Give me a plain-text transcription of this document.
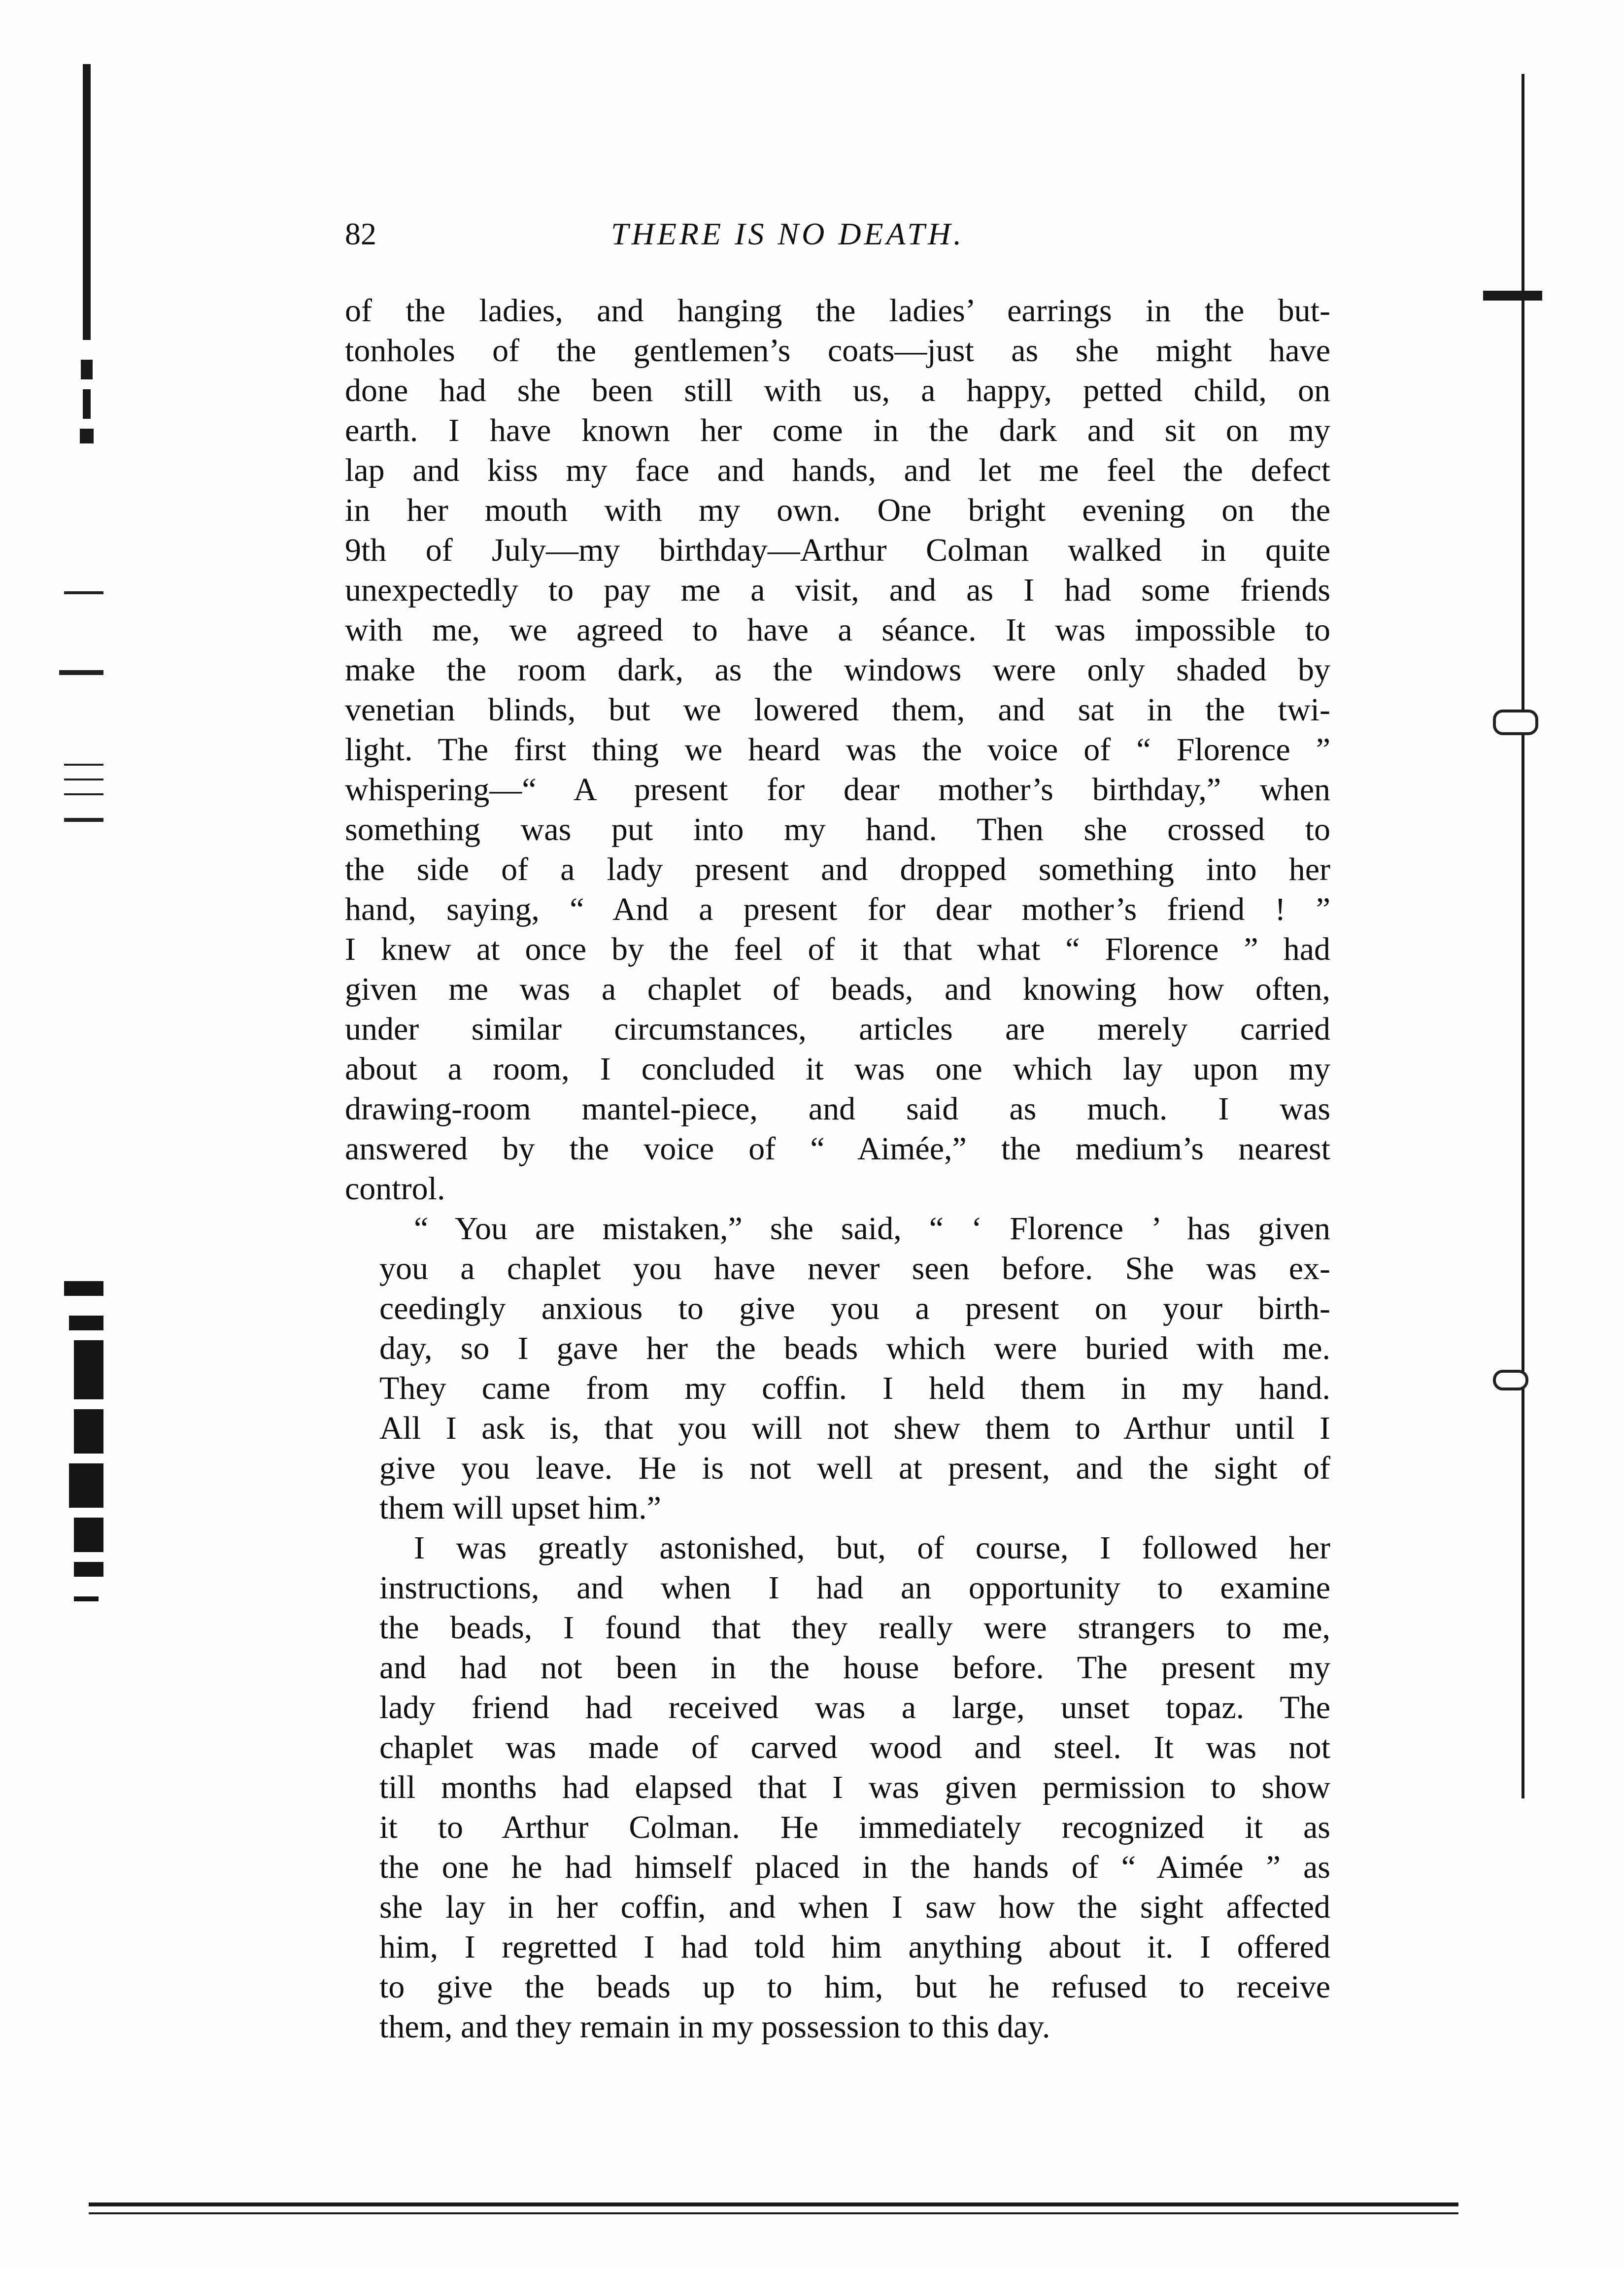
82	THERE IS NO DEATH.
of the ladies, and hanging the ladies’ earrings in the but-
tonholes of the gentlemen’s coats—just as she might have
done had she been still with us, a happy, petted child, on
earth. I have known her come in the dark and sit on my
lap and kiss my face and hands, and let me feel the defect
in her mouth with my own. One bright evening on the
9th of July—my birthday—Arthur Colman walked in quite
unexpectedly to pay me a visit, and as I had some friends
with me, we agreed to have a séance. It was impossible to
make the room dark, as the windows were only shaded by
venetian blinds, but we lowered them, and sat in the twi-
light. The first thing we heard was the voice of “ Florence ”
whispering—“ A present for dear mother’s birthday,” when
something was put into my hand. Then she crossed to
the side of a lady present and dropped something into her
hand, saying, “ And a present for dear mother’s friend ! ”
I knew at once by the feel of it that what “ Florence ” had
given me was a chaplet of beads, and knowing how often,
under similar circumstances, articles are merely carried
about a room, I concluded it was one which lay upon my
drawing-room mantel-piece, and said as much. I was
answered by the voice of “ Aimée,” the medium’s nearest
control.
“ You are mistaken,” she said, “ ‘ Florence ’ has given
you a chaplet you have never seen before. She was ex-
ceedingly anxious to give you a present on your birth-
day, so I gave her the beads which were buried with me.
They came from my coffin. I held them in my hand.
All I ask is, that you will not shew them to Arthur until I
give you leave. He is not well at present, and the sight of
them will upset him.”
I was greatly astonished, but, of course, I followed her
instructions, and when I had an opportunity to examine
the beads, I found that they really were strangers to me,
and had not been in the house before. The present my
lady friend had received was a large, unset topaz. The
chaplet was made of carved wood and steel. It was not
till months had elapsed that I was given permission to show
it to Arthur Colman. He immediately recognized it as
the one he had himself placed in the hands of “ Aimée ” as
she lay in her coffin, and when I saw how the sight affected
him, I regretted I had told him anything about it. I offered
to give the beads up to him, but he refused to receive
them, and they remain in my possession to this day.
